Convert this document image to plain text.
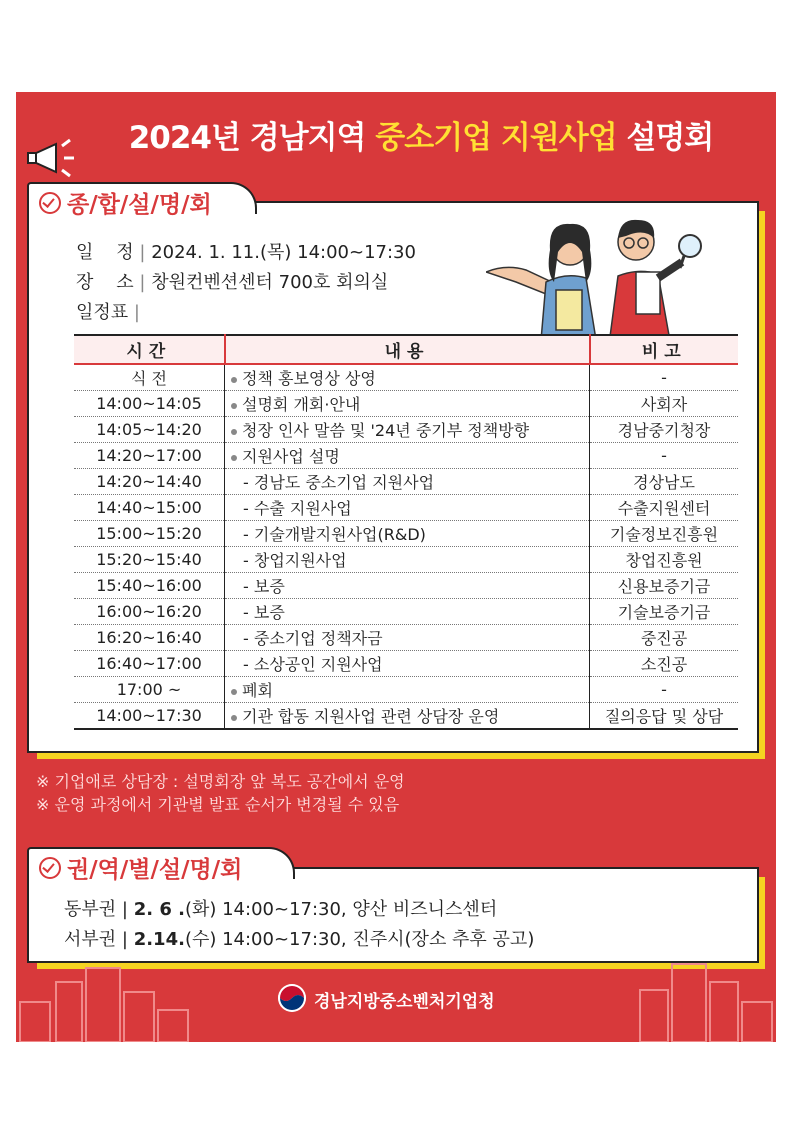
2024년 경남지역 중소기업 지원사업 설명회
종/합/설/명/회
일    정 | 2024. 1. 11.(목) 14:00~17:30
장    소 | 창원컨벤션센터 700호 회의실
일정표 |
시간	내용	비고
식 전	정책 홍보영상 상영	-
14:00~14:05	설명회 개회·안내	사회자
14:05~14:20	청장 인사 말씀 및 '24년 중기부 정책방향	경남중기청장
14:20~17:00	지원사업 설명	-
14:20~14:40	- 경남도 중소기업 지원사업	경상남도
14:40~15:00	- 수출 지원사업	수출지원센터
15:00~15:20	- 기술개발지원사업(R&D)	기술정보진흥원
15:20~15:40	- 창업지원사업	창업진흥원
15:40~16:00	- 보증	신용보증기금
16:00~16:20	- 보증	기술보증기금
16:20~16:40	- 중소기업 정책자금	중진공
16:40~17:00	- 소상공인 지원사업	소진공
17:00 ~	폐회	-
14:00~17:30	기관 합동 지원사업 관련 상담장 운영	질의응답 및 상담
※ 기업애로 상담장 : 설명회장 앞 복도 공간에서 운영
※ 운영 과정에서 기관별 발표 순서가 변경될 수 있음
권/역/별/설/명/회
동부권 | 2. 6 .(화) 14:00~17:30, 양산 비즈니스센터
서부권 | 2.14.(수) 14:00~17:30, 진주시(장소 추후 공고)
경남지방중소벤처기업청
